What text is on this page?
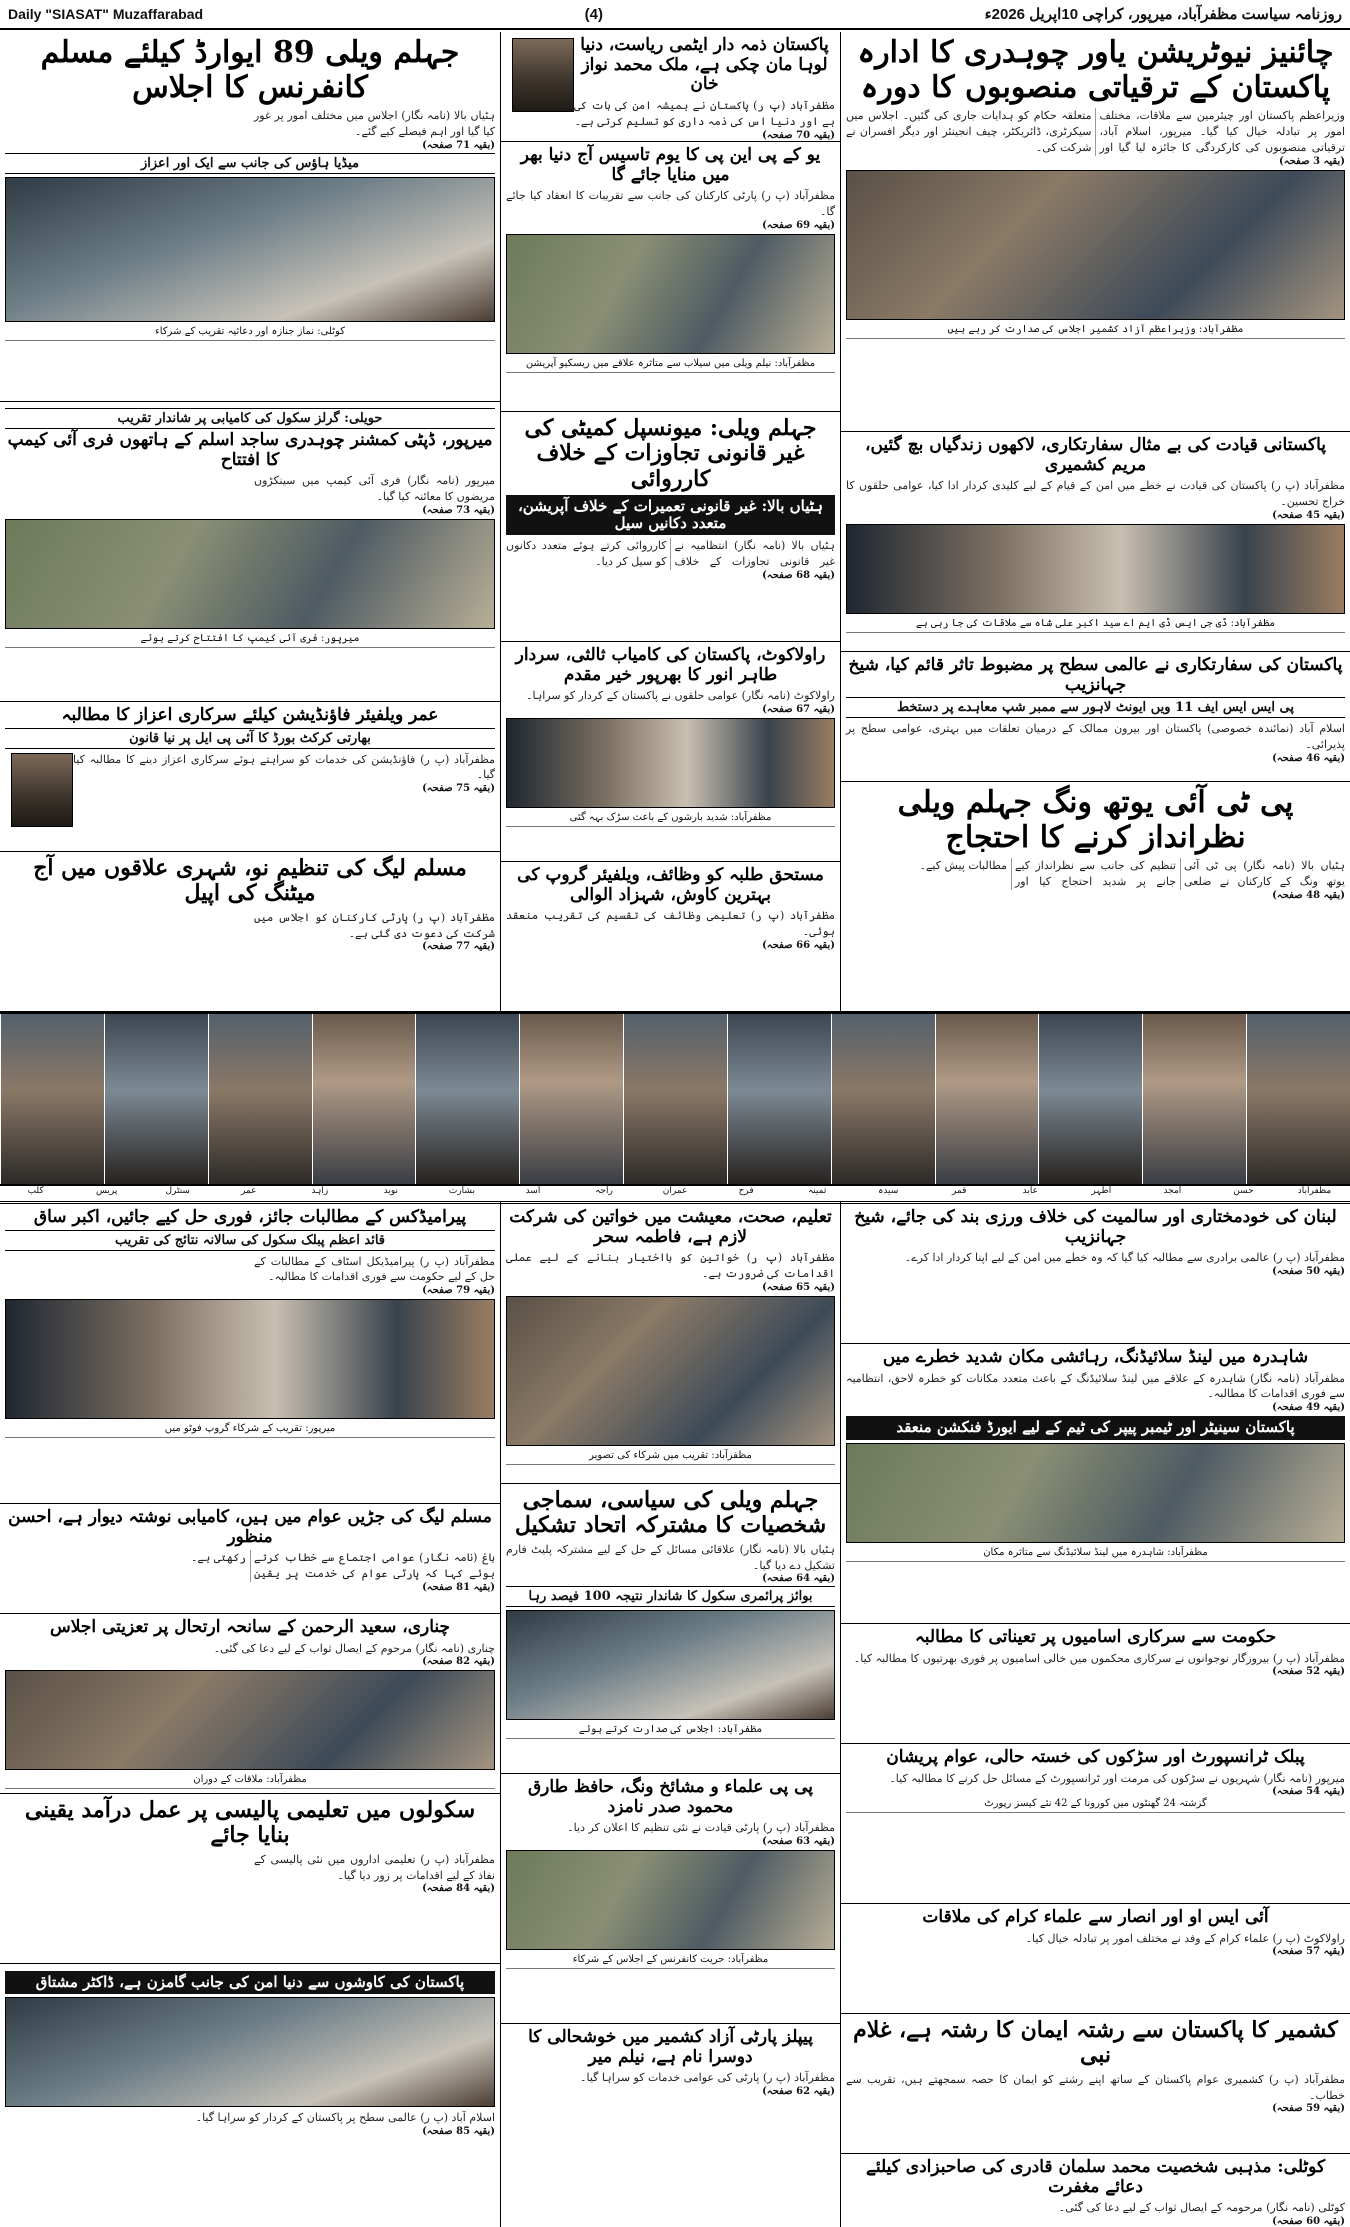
Daily "SIASAT" Muzaffarabad	(4)	روزنامہ سیاست مظفرآباد، میرپور، کراچی 10اپریل 2026ء
جہلم ویلی 89 ایوارڈ کیلئے مسلم کانفرنس کا اجلاس
ہٹیاں بالا (نامہ نگار) اجلاس میں مختلف امور پر غور کیا گیا اور اہم فیصلے کیے گئے۔
(بقیہ 71 صفحہ)
میڈیا ہاؤس کی جانب سے ایک اور اعزاز
کوٹلی: نماز جنازہ اور دعائیہ تقریب کے شرکاء
حویلی: گرلز سکول کی کامیابی پر شاندار تقریب
میرپور، ڈپٹی کمشنر چوہدری ساجد اسلم کے ہاتھوں فری آئی کیمپ کا افتتاح
میرپور (نامہ نگار) فری آئی کیمپ میں سینکڑوں مریضوں کا معائنہ کیا گیا۔
(بقیہ 73 صفحہ)
میرپور: فری آئی کیمپ کا افتتاح کرتے ہوئے
عمر ویلفیئر فاؤنڈیشن کیلئے سرکاری اعزاز کا مطالبہ
بھارتی کرکٹ بورڈ کا آئی پی ایل پر نیا قانون
مظفرآباد (پ ر) فاؤنڈیشن کی خدمات کو سراہتے ہوئے سرکاری اعزاز دینے کا مطالبہ کیا گیا۔
(بقیہ 75 صفحہ)
مسلم لیگ کی تنظیم نو، شہری علاقوں میں آج میٹنگ کی اپیل
مظفرآباد (پ ر) پارٹی کارکنان کو اجلاس میں شرکت کی دعوت دی گئی ہے۔
(بقیہ 77 صفحہ)
پیرامیڈکس کے مطالبات جائز، فوری حل کیے جائیں، اکبر ساق
قائد اعظم پبلک سکول کی سالانہ نتائج کی تقریب
مظفرآباد (پ ر) پیرامیڈیکل اسٹاف کے مطالبات کے حل کے لیے حکومت سے فوری اقدامات کا مطالبہ۔
(بقیہ 79 صفحہ)
میرپور: تقریب کے شرکاء گروپ فوٹو میں
مسلم لیگ کی جڑیں عوام میں ہیں، کامیابی نوشتہ دیوار ہے، احسن منظور
باغ (نامہ نگار) عوامی اجتماع سے خطاب کرتے ہوئے کہا کہ پارٹی عوام کی خدمت پر یقین رکھتی ہے۔
(بقیہ 81 صفحہ)
چناری، سعید الرحمن کے سانحہ ارتحال پر تعزیتی اجلاس
چناری (نامہ نگار) مرحوم کے ایصال ثواب کے لیے دعا کی گئی۔
(بقیہ 82 صفحہ)
مظفرآباد: ملاقات کے دوران
سکولوں میں تعلیمی پالیسی پر عمل درآمد یقینی بنایا جائے
مظفرآباد (پ ر) تعلیمی اداروں میں نئی پالیسی کے نفاذ کے لیے اقدامات پر زور دیا گیا۔
(بقیہ 84 صفحہ)
پاکستان کی کاوشوں سے دنیا امن کی جانب گامزن ہے، ڈاکٹر مشتاق
اسلام آباد (پ ر) عالمی سطح پر پاکستان کے کردار کو سراہا گیا۔
(بقیہ 85 صفحہ)
پاکستان ذمہ دار ایٹمی ریاست، دنیا لوہا مان چکی ہے، ملک محمد نواز خان
مظفرآباد (پ ر) پاکستان نے ہمیشہ امن کی بات کی ہے اور دنیا اس کی ذمہ داری کو تسلیم کرتی ہے۔
(بقیہ 70 صفحہ)
یو کے پی این پی کا یوم تاسیس آج دنیا بھر میں منایا جائے گا
مظفرآباد (پ ر) پارٹی کارکنان کی جانب سے تقریبات کا انعقاد کیا جائے گا۔
(بقیہ 69 صفحہ)
مظفرآباد: نیلم ویلی میں سیلاب سے متاثرہ علاقے میں ریسکیو آپریشن
جہلم ویلی: میونسپل کمیٹی کی غیر قانونی تجاوزات کے خلاف کارروائی
ہٹیاں بالا: غیر قانونی تعمیرات کے خلاف آپریشن، متعدد دکانیں سیل
ہٹیاں بالا (نامہ نگار) انتظامیہ نے غیر قانونی تجاوزات کے خلاف کارروائی کرتے ہوئے متعدد دکانوں کو سیل کر دیا۔
(بقیہ 68 صفحہ)
راولاکوٹ، پاکستان کی کامیاب ثالثی، سردار طاہر انور کا بھرپور خیر مقدم
راولاکوٹ (نامہ نگار) عوامی حلقوں نے پاکستان کے کردار کو سراہا۔
(بقیہ 67 صفحہ)
مظفرآباد: شدید بارشوں کے باعث سڑک بہہ گئی
مستحق طلبہ کو وظائف، ویلفیئر گروپ کی بہترین کاوش، شہزاد الوالی
مظفرآباد (پ ر) تعلیمی وظائف کی تقسیم کی تقریب منعقد ہوئی۔
(بقیہ 66 صفحہ)
تعلیم، صحت، معیشت میں خواتین کی شرکت لازم ہے، فاطمہ سحر
مظفرآباد (پ ر) خواتین کو بااختیار بنانے کے لیے عملی اقدامات کی ضرورت ہے۔
(بقیہ 65 صفحہ)
مظفرآباد: تقریب میں شرکاء کی تصویر
جہلم ویلی کی سیاسی، سماجی شخصیات کا مشترکہ اتحاد تشکیل
ہٹیاں بالا (نامہ نگار) علاقائی مسائل کے حل کے لیے مشترکہ پلیٹ فارم تشکیل دے دیا گیا۔
(بقیہ 64 صفحہ)
بوائز پرائمری سکول کا شاندار نتیجہ 100 فیصد رہا
مظفرآباد: اجلاس کی صدارت کرتے ہوئے
پی پی علماء و مشائخ ونگ، حافظ طارق محمود صدر نامزد
مظفرآباد (پ ر) پارٹی قیادت نے نئی تنظیم کا اعلان کر دیا۔
(بقیہ 63 صفحہ)
مظفرآباد: حریت کانفرنس کے اجلاس کے شرکاء
پیپلز پارٹی آزاد کشمیر میں خوشحالی کا دوسرا نام ہے، نیلم میر
مظفرآباد (پ ر) پارٹی کی عوامی خدمات کو سراہا گیا۔
(بقیہ 62 صفحہ)
چائنیز نیوٹریشن یاور چوہدری کا ادارہ پاکستان کے ترقیاتی منصوبوں کا دورہ
وزیراعظم پاکستان اور چیئرمین سے ملاقات، مختلف امور پر تبادلہ خیال کیا گیا۔ میرپور، اسلام آباد، ترقیاتی منصوبوں کی کارکردگی کا جائزہ لیا گیا اور متعلقہ حکام کو ہدایات جاری کی گئیں۔ اجلاس میں سیکرٹری، ڈائریکٹر، چیف انجینئر اور دیگر افسران نے شرکت کی۔
(بقیہ 3 صفحہ)
مظفرآباد: وزیراعظم آزاد کشمیر اجلاس کی صدارت کر رہے ہیں
پاکستانی قیادت کی بے مثال سفارتکاری، لاکھوں زندگیاں بچ گئیں، مریم کشمیری
مظفرآباد (پ ر) پاکستان کی قیادت نے خطے میں امن کے قیام کے لیے کلیدی کردار ادا کیا، عوامی حلقوں کا خراج تحسین۔
(بقیہ 45 صفحہ)
مظفرآباد: ڈی جی ایس ڈی ایم اے سید اکبر علی شاہ سے ملاقات کی جا رہی ہے
پاکستان کی سفارتکاری نے عالمی سطح پر مضبوط تاثر قائم کیا، شیخ جہانزیب
پی ایس ایس ایف 11 ویں ایونٹ لاہور سے ممبر شپ معاہدے پر دستخط
اسلام آباد (نمائندہ خصوصی) پاکستان اور بیرون ممالک کے درمیان تعلقات میں بہتری، عوامی سطح پر پذیرائی۔
(بقیہ 46 صفحہ)
پی ٹی آئی یوتھ ونگ جہلم ویلی نظرانداز کرنے کا احتجاج
ہٹیاں بالا (نامہ نگار) پی ٹی آئی یوتھ ونگ کے کارکنان نے ضلعی تنظیم کی جانب سے نظرانداز کیے جانے پر شدید احتجاج کیا اور مطالبات پیش کیے۔
(بقیہ 48 صفحہ)
لبنان کی خودمختاری اور سالمیت کی خلاف ورزی بند کی جائے، شیخ جہانزیب
مظفرآباد (پ ر) عالمی برادری سے مطالبہ کیا گیا کہ وہ خطے میں امن کے لیے اپنا کردار ادا کرے۔
(بقیہ 50 صفحہ)
شاہدرہ میں لینڈ سلائیڈنگ، رہائشی مکان شدید خطرے میں
مظفرآباد (نامہ نگار) شاہدرہ کے علاقے میں لینڈ سلائیڈنگ کے باعث متعدد مکانات کو خطرہ لاحق، انتظامیہ سے فوری اقدامات کا مطالبہ۔
(بقیہ 49 صفحہ)
پاکستان سینیٹر اور ٹیمبر پیپر کی ٹیم کے لیے ایورڈ فنکشن منعقد
مظفرآباد: شاہدرہ میں لینڈ سلائیڈنگ سے متاثرہ مکان
حکومت سے سرکاری اسامیوں پر تعیناتی کا مطالبہ
مظفرآباد (پ ر) بیروزگار نوجوانوں نے سرکاری محکموں میں خالی اسامیوں پر فوری بھرتیوں کا مطالبہ کیا۔
(بقیہ 52 صفحہ)
پبلک ٹرانسپورٹ اور سڑکوں کی خستہ حالی، عوام پریشان
میرپور (نامہ نگار) شہریوں نے سڑکوں کی مرمت اور ٹرانسپورٹ کے مسائل حل کرنے کا مطالبہ کیا۔
(بقیہ 54 صفحہ)
گزشتہ 24 گھنٹوں میں کورونا کے 42 نئے کیسز رپورٹ
آئی ایس او اور انصار سے علماء کرام کی ملاقات
راولاکوٹ (پ ر) علماء کرام کے وفد نے مختلف امور پر تبادلہ خیال کیا۔
(بقیہ 57 صفحہ)
کشمیر کا پاکستان سے رشتہ ایمان کا رشتہ ہے، غلام نبی
مظفرآباد (پ ر) کشمیری عوام پاکستان کے ساتھ اپنے رشتے کو ایمان کا حصہ سمجھتے ہیں، تقریب سے خطاب۔
(بقیہ 59 صفحہ)
کوٹلی: مذہبی شخصیت محمد سلمان قادری کی صاحبزادی کیلئے دعائے مغفرت
کوٹلی (نامہ نگار) مرحومہ کے ایصال ثواب کے لیے دعا کی گئی۔
(بقیہ 60 صفحہ)
مظفرآباد
حسن
امجد
اظہر
عابد
قمر
سیدہ
ثمینہ
فرح
عمران
راجہ
اسد
بشارت
نوید
زاہد
عمر
سنٹرل
پریس
کلب
